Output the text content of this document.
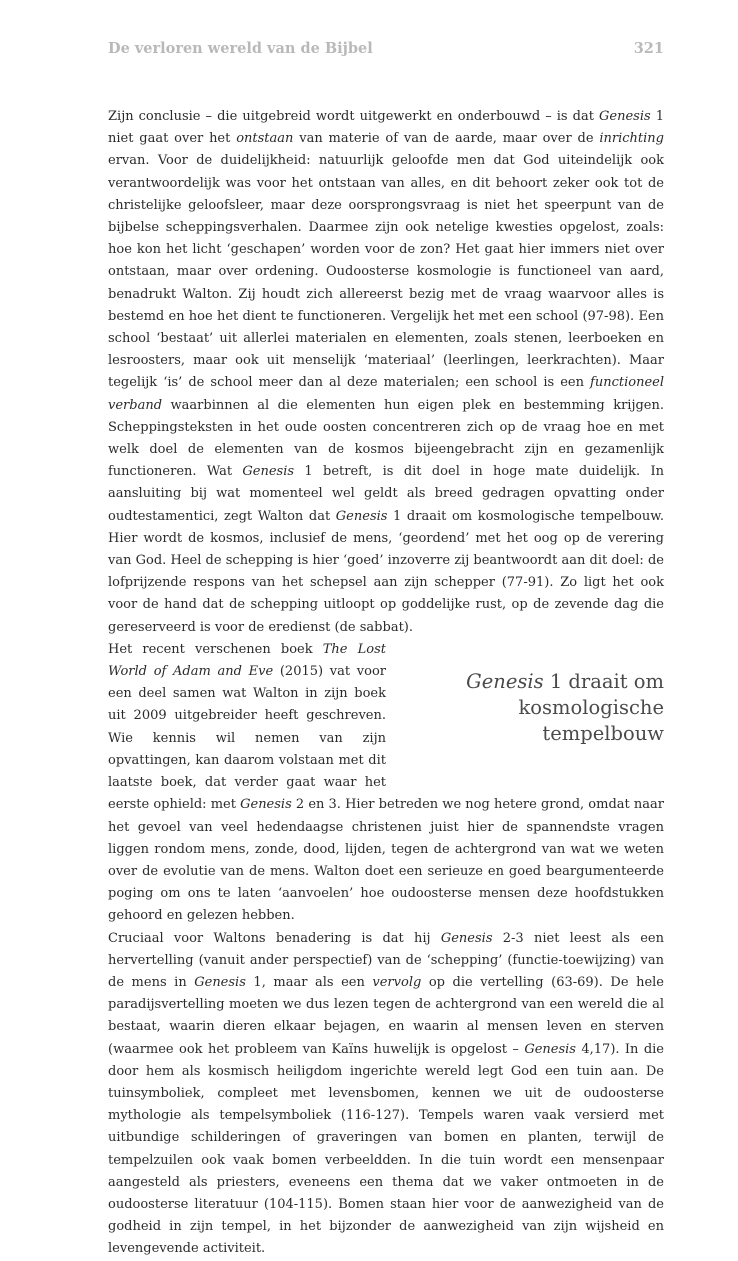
De verloren wereld van de Bijbel	321

Zijn conclusie – die uitgebreid wordt uitgewerkt en onderbouwd – is dat Genesis 1 niet gaat over het ontstaan van materie of van de aarde, maar over de inrichting ervan. Voor de duidelijkheid: natuurlijk geloofde men dat God uiteindelijk ook verantwoordelijk was voor het ontstaan van alles, en dit behoort zeker ook tot de christelijke geloofsleer, maar deze oorsprongsvraag is niet het speerpunt van de bijbelse scheppingsverhalen. Daarmee zijn ook netelige kwesties opgelost, zoals: hoe kon het licht ‘geschapen’ worden voor de zon? Het gaat hier immers niet over ontstaan, maar over ordening. Oudoosterse kosmologie is functioneel van aard, benadrukt Walton. Zij houdt zich allereerst bezig met de vraag waarvoor alles is bestemd en hoe het dient te functioneren. Vergelijk het met een school (97-98). Een school ‘bestaat’ uit allerlei materialen en elementen, zoals stenen, leerboeken en lesroosters, maar ook uit menselijk ‘materiaal’ (leerlingen, leerkrachten). Maar tegelijk ‘is’ de school meer dan al deze materialen; een school is een functioneel verband waarbinnen al die elementen hun eigen plek en bestemming krijgen. Scheppingsteksten in het oude oosten concentreren zich op de vraag hoe en met welk doel de elementen van de kosmos bijeengebracht zijn en gezamenlijk functioneren. Wat Genesis 1 betreft, is dit doel in hoge mate duidelijk. In aansluiting bij wat momenteel wel geldt als breed gedragen opvatting onder oudtestamentici, zegt Walton dat Genesis 1 draait om kosmologische tempelbouw. Hier wordt de kosmos, inclusief de mens, ‘geordend’ met het oog op de verering van God. Heel de schepping is hier ‘goed’ inzoverre zij beantwoordt aan dit doel: de lofprijzende respons van het schepsel aan zijn schepper (77-91). Zo ligt het ook voor de hand dat de schepping uitloopt op goddelijke rust, op de zevende dag die gereserveerd is voor de eredienst (de sabbat).

Genesis 1 draait om
kosmologische tempelbouw

Het recent verschenen boek The Lost World of Adam and Eve (2015) vat voor een deel samen wat Walton in zijn boek uit 2009 uitgebreider heeft geschreven. Wie kennis wil nemen van zijn opvattingen, kan daarom volstaan met dit laatste boek, dat verder gaat waar het eerste ophield: met Genesis 2 en 3. Hier betreden we nog hetere grond, omdat naar het gevoel van veel hedendaagse christenen juist hier de spannendste vragen liggen rondom mens, zonde, dood, lijden, tegen de achtergrond van wat we weten over de evolutie van de mens. Walton doet een serieuze en goed beargumenteerde poging om ons te laten ‘aanvoelen’ hoe oudoosterse mensen deze hoofdstukken gehoord en gelezen hebben.

Cruciaal voor Waltons benadering is dat hij Genesis 2-3 niet leest als een hervertelling (vanuit ander perspectief) van de ‘schepping’ (functie-toewijzing) van de mens in Genesis 1, maar als een vervolg op die vertelling (63-69). De hele paradijsvertelling moeten we dus lezen tegen de achtergrond van een wereld die al bestaat, waarin dieren elkaar bejagen, en waarin al mensen leven en sterven (waarmee ook het probleem van Kaïns huwelijk is opgelost – Genesis 4,17). In die door hem als kosmisch heiligdom ingerichte wereld legt God een tuin aan. De tuinsymboliek, compleet met levensbomen, kennen we uit de oudoosterse mythologie als tempelsymboliek (116-127). Tempels waren vaak versierd met uitbundige schilderingen of graveringen van bomen en planten, terwijl de tempelzuilen ook vaak bomen verbeeldden. In die tuin wordt een mensenpaar aangesteld als priesters, eveneens een thema dat we vaker ontmoeten in de oudoosterse literatuur (104-115). Bomen staan hier voor de aanwezigheid van de godheid in zijn tempel, in het bijzonder de aanwezigheid van zijn wijsheid en levengevende activiteit.
